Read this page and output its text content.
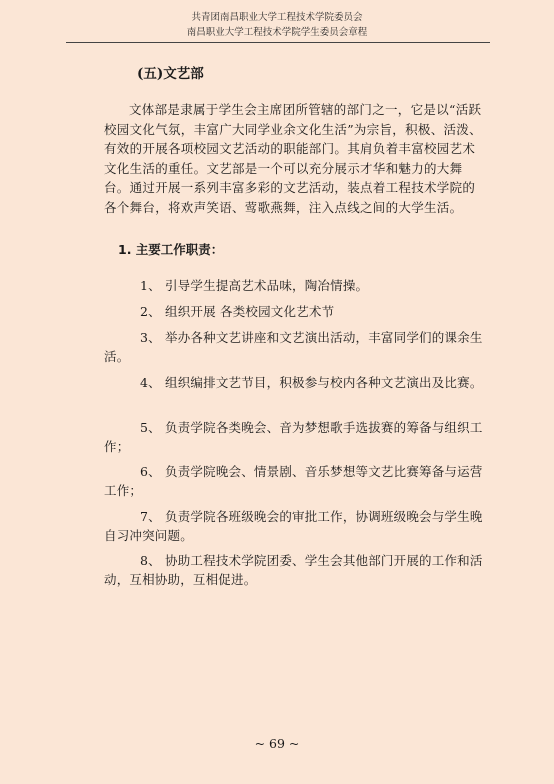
共青团南昌职业大学工程技术学院委员会
南昌职业大学工程技术学院学生委员会章程
(五)文艺部
文体部是隶属于学生会主席团所管辖的部门之一，它是以“活跃校园文化气氛，丰富广大同学业余文化生活”为宗旨，积极、活泼、有效的开展各项校园文艺活动的职能部门。其肩负着丰富校园艺术文化生活的重任。文艺部是一个可以充分展示才华和魅力的大舞台。通过开展一系列丰富多彩的文艺活动，装点着工程技术学院的各个舞台，将欢声笑语、莺歌燕舞，注入点线之间的大学生活。
1. 主要工作职责：
1、 引导学生提高艺术品味，陶冶情操。
2、 组织开展 各类校园文化艺术节
3、 举办各种文艺讲座和文艺演出活动，丰富同学们的课余生活。
4、 组织编排文艺节目，积极参与校内各种文艺演出及比赛。
5、 负责学院各类晚会、音为梦想歌手选拔赛的筹备与组织工作；
6、 负责学院晚会、情景剧、音乐梦想等文艺比赛筹备与运营工作；
7、 负责学院各班级晚会的审批工作，协调班级晚会与学生晚自习冲突问题。
8、 协助工程技术学院团委、学生会其他部门开展的工作和活动，互相协助，互相促进。
~ 69 ~
